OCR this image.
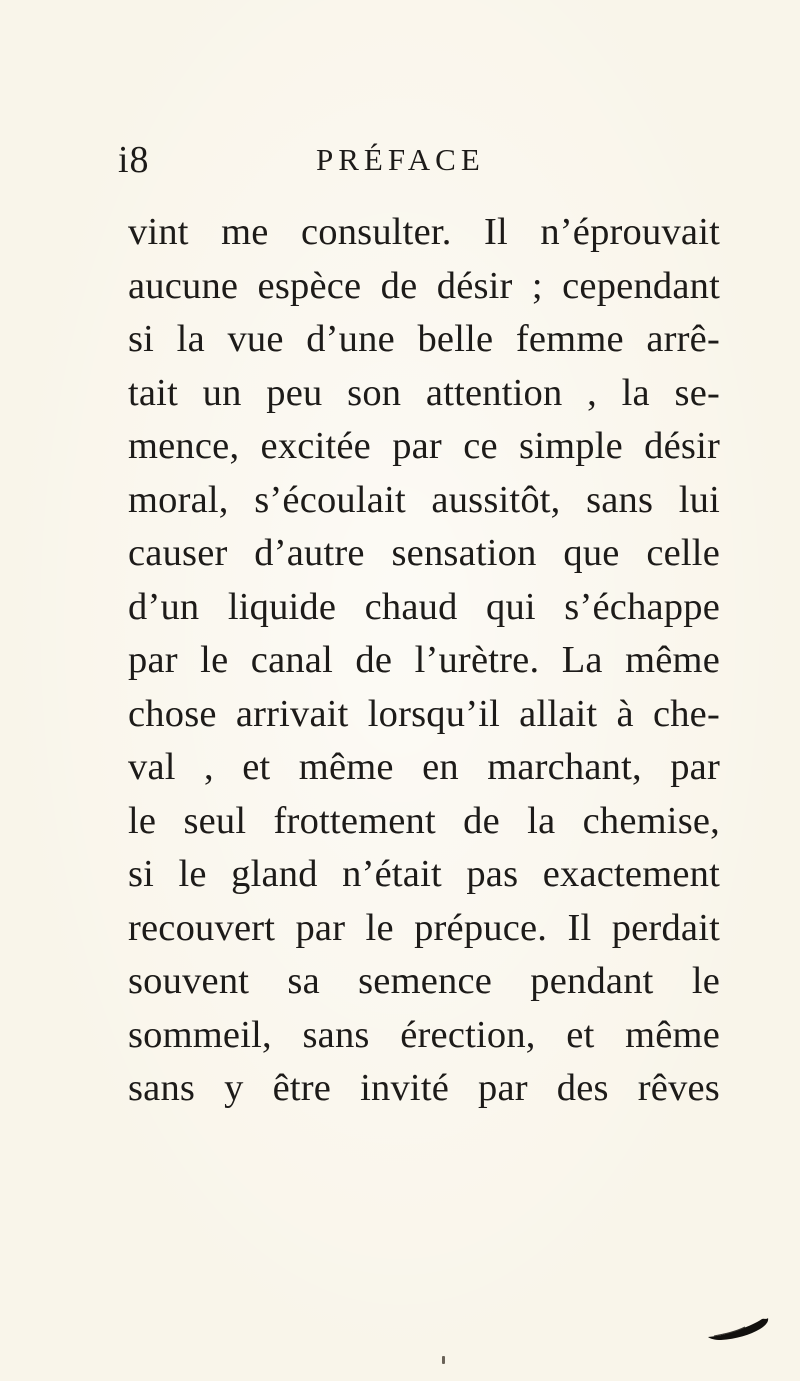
i8	PRÉFACE
vint me consulter. Il n’éprouvait
aucune espèce de désir ; cependant
si la vue d’une belle femme arrê-
tait un peu son attention , la se-
mence, excitée par ce simple désir
moral, s’écoulait aussitôt, sans lui
causer d’autre sensation que celle
d’un liquide chaud qui s’échappe
par le canal de l’urètre. La même
chose arrivait lorsqu’il allait à che-
val , et même en marchant, par
le seul frottement de la chemise,
si le gland n’était pas exactement
recouvert par le prépuce. Il perdait
souvent sa semence pendant le
sommeil, sans érection, et même
sans y être invité par des rêves
